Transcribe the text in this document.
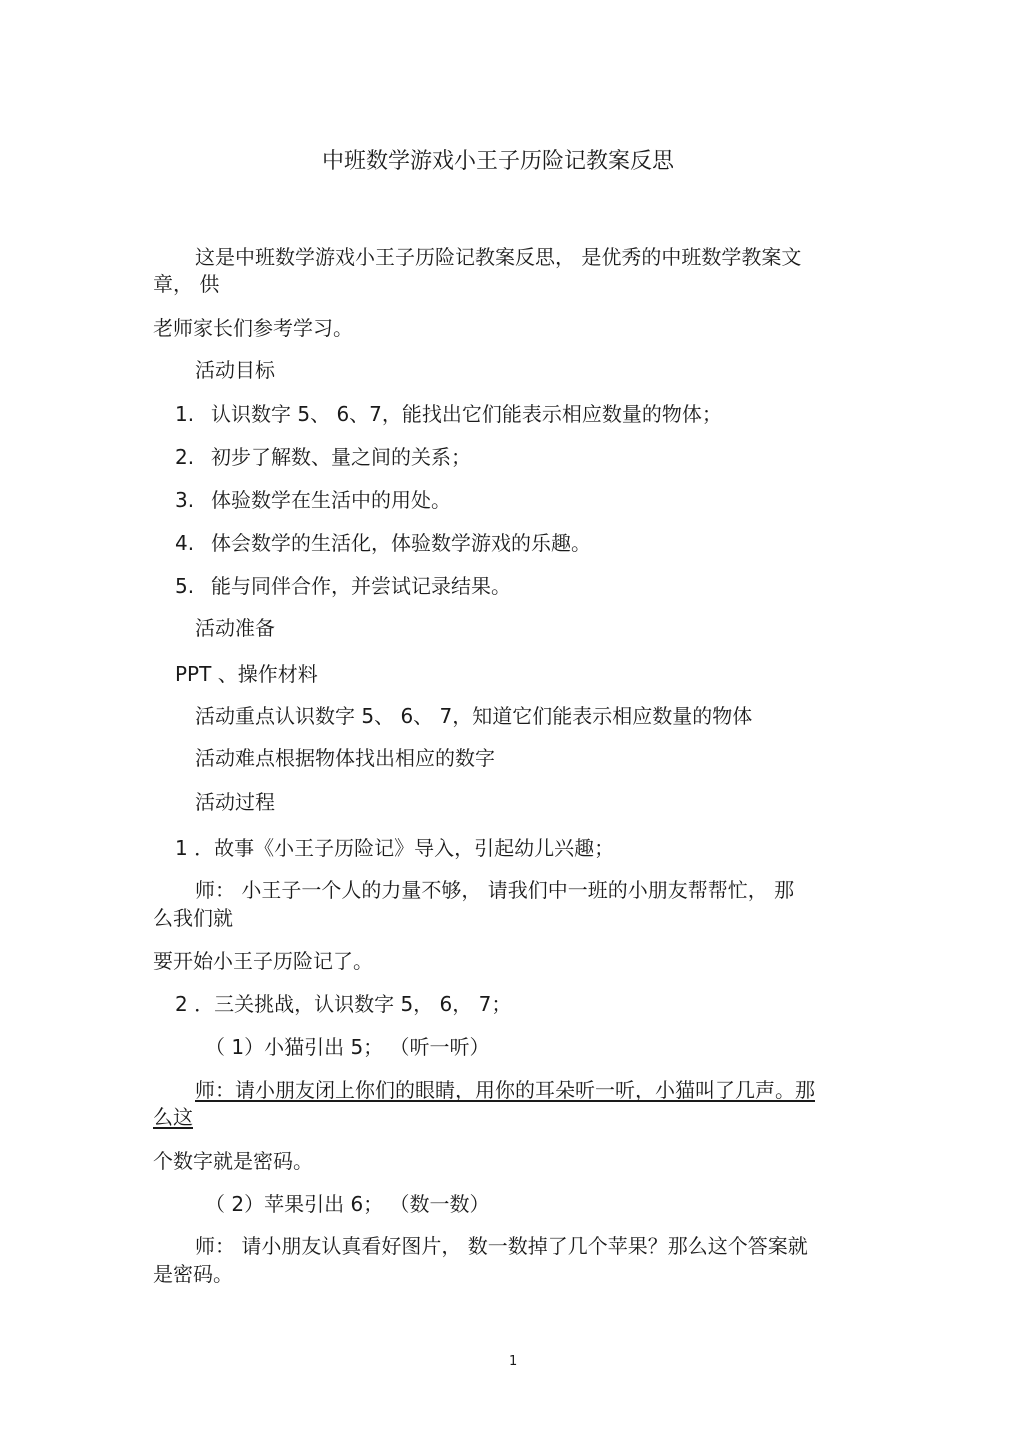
中班数学游戏小王子历险记教案反思
这是中班数学游戏小王子历险记教案反思， 是优秀的中班数学教案文
章， 供
老师家长们参考学习。
活动目标
1. 认识数字 5、 6、7，能找出它们能表示相应数量的物体；
2. 初步了解数、量之间的关系；
3. 体验数学在生活中的用处。
4. 体会数学的生活化，体验数学游戏的乐趣。
5. 能与同伴合作，并尝试记录结果。
活动准备
PPT 、操作材料
活动重点认识数字 5、 6、 7，知道它们能表示相应数量的物体
活动难点根据物体找出相应的数字
活动过程
1 ．故事《小王子历险记》导入，引起幼儿兴趣；
师： 小王子一个人的力量不够， 请我们中一班的小朋友帮帮忙， 那
么我们就
要开始小王子历险记了。
2 ．三关挑战，认识数字 5， 6， 7；
（ 1）小猫引出 5； （听一听）
师：请小朋友闭上你们的眼睛，用你的耳朵听一听，小猫叫了几声。那
么这
个数字就是密码。
（ 2）苹果引出 6； （数一数）
师： 请小朋友认真看好图片， 数一数掉了几个苹果？那么这个答案就
是密码。
1
